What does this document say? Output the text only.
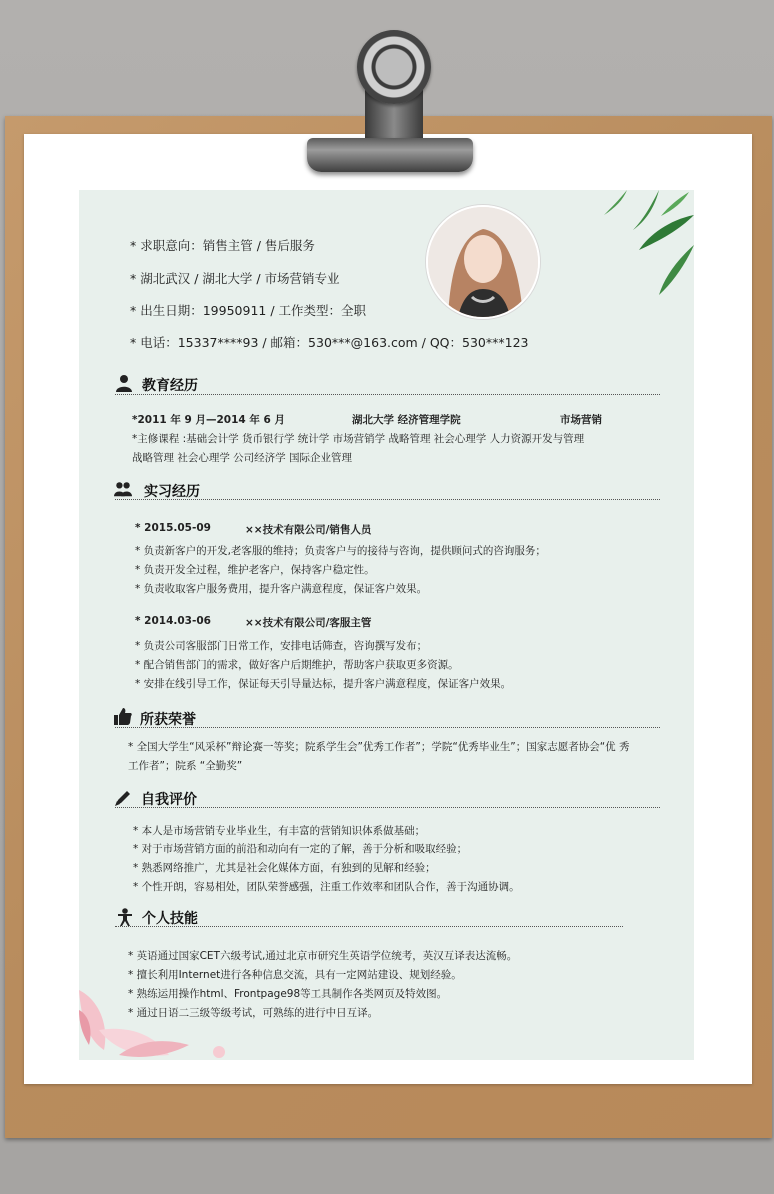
* 求职意向：销售主管 / 售后服务
* 湖北武汉 / 湖北大学 / 市场营销专业
* 出生日期：19950911 / 工作类型：全职
* 电话：15337****93 / 邮箱：530***@163.com / QQ：530***123
教育经历
*2011 年 9 月—2014 年 6 月	湖北大学 经济管理学院	市场营销
*主修课程 :基础会计学 货币银行学 统计学 市场营销学 战略管理 社会心理学 人力资源开发与管理
战略管理 社会心理学 公司经济学 国际企业管理
实习经历
* 2015.05-09	××技术有限公司/销售人员
* 负责新客户的开发,老客服的维持；负责客户与的接待与咨询，提供顾问式的咨询服务；
* 负责开发全过程，维护老客户，保持客户稳定性。
* 负责收取客户服务费用，提升客户满意程度，保证客户效果。
* 2014.03-06	××技术有限公司/客服主管
* 负责公司客服部门日常工作，安排电话筛查，咨询撰写发布；
* 配合销售部门的需求，做好客户后期维护，帮助客户获取更多资源。
* 安排在线引导工作，保证每天引导量达标，提升客户满意程度，保证客户效果。
所获荣誉
* 全国大学生“风采杯”辩论赛一等奖；院系学生会”优秀工作者”；学院“优秀毕业生”；国家志愿者协会“优 秀
工作者”；院系 “全勤奖”
自我评价
* 本人是市场营销专业毕业生，有丰富的营销知识体系做基础；
* 对于市场营销方面的前沿和动向有一定的了解，善于分析和吸取经验；
* 熟悉网络推广，尤其是社会化媒体方面，有独到的见解和经验；
* 个性开朗，容易相处，团队荣誉感强，注重工作效率和团队合作，善于沟通协调。
个人技能
* 英语通过国家CET六级考试,通过北京市研究生英语学位统考，英汉互译表达流畅。
* 擅长利用Internet进行各种信息交流，具有一定网站建设、规划经验。
* 熟练运用操作html、Frontpage98等工具制作各类网页及特效图。
* 通过日语二三级等级考试，可熟练的进行中日互译。
